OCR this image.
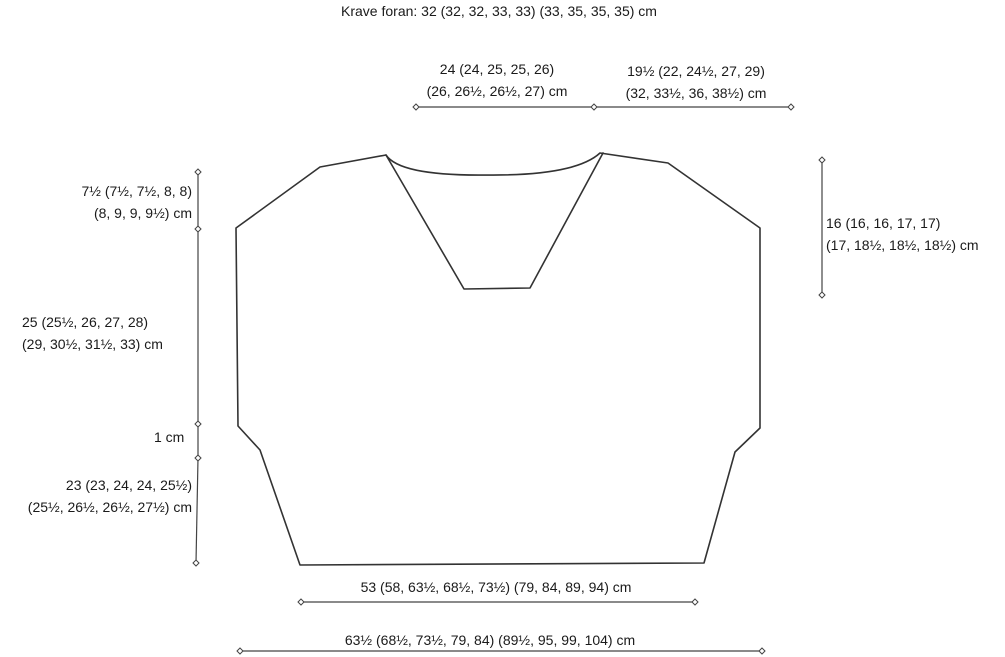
Krave foran: 32 (32, 32, 33, 33) (33, 35, 35, 35) cm
24 (24, 25, 25, 26)
(26, 26½, 26½, 27) cm
19½ (22, 24½, 27, 29)
(32, 33½, 36, 38½) cm
7½ (7½, 7½, 8, 8)
(8, 9, 9, 9½) cm
16 (16, 16, 17, 17)
(17, 18½, 18½, 18½) cm
25 (25½, 26, 27, 28)
(29, 30½, 31½, 33) cm
1 cm
23 (23, 24, 24, 25½)
(25½, 26½, 26½, 27½) cm
53 (58, 63½, 68½, 73½) (79, 84, 89, 94) cm
63½ (68½, 73½, 79, 84) (89½, 95, 99, 104) cm
